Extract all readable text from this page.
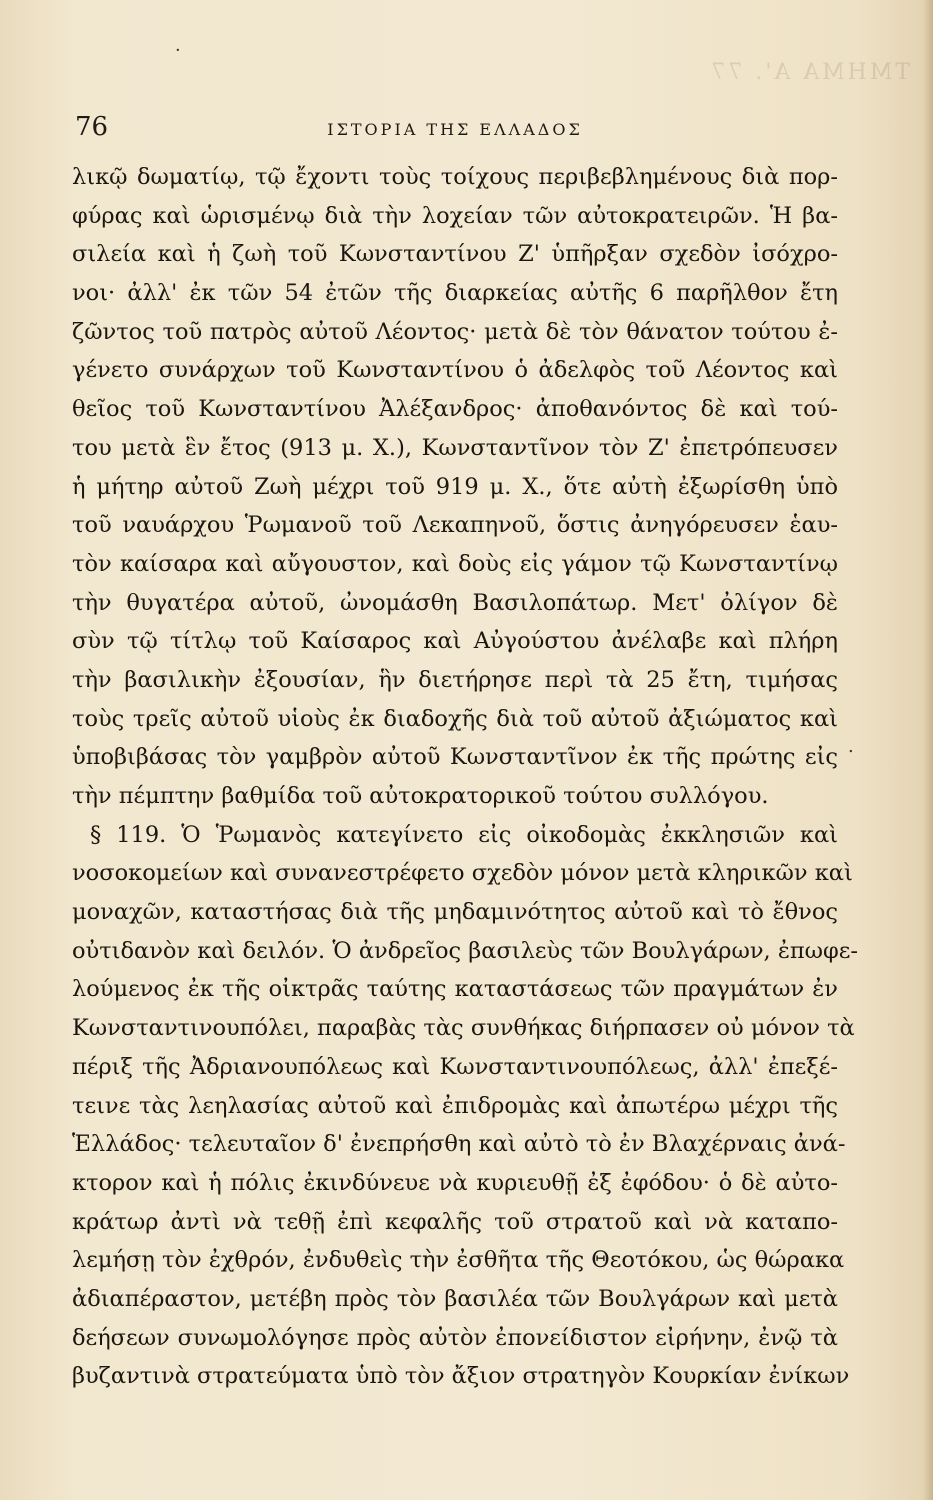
ΤΜΗΜΑ Α'. 77
76	ΙΣΤΟΡΙΑ ΤΗΣ ΕΛΛΑΔΟΣ
λικῷ δωματίῳ, τῷ ἔχοντι τοὺς τοίχους περιβεβλημένους διὰ πορ-
φύρας καὶ ὡρισμένῳ διὰ τὴν λοχείαν τῶν αὐτοκρατειρῶν. Ἡ βα-
σιλεία καὶ ἡ ζωὴ τοῦ Κωνσταντίνου Ζ' ὑπῆρξαν σχεδὸν ἰσόχρο-
νοι· ἀλλ' ἐκ τῶν 54 ἐτῶν τῆς διαρκείας αὐτῆς 6 παρῆλθον ἔτη
ζῶντος τοῦ πατρὸς αὐτοῦ Λέοντος· μετὰ δὲ τὸν θάνατον τούτου ἐ-
γένετο συνάρχων τοῦ Κωνσταντίνου ὁ ἀδελφὸς τοῦ Λέοντος καὶ
θεῖος τοῦ Κωνσταντίνου Ἀλέξανδρος· ἀποθανόντος δὲ καὶ τού-
του μετὰ ἓν ἔτος (913 μ. Χ.), Κωνσταντῖνον τὸν Ζ' ἐπετρόπευσεν
ἡ μήτηρ αὐτοῦ Ζωὴ μέχρι τοῦ 919 μ. Χ., ὅτε αὐτὴ ἐξωρίσθη ὑπὸ
τοῦ ναυάρχου Ῥωμανοῦ τοῦ Λεκαπηνοῦ, ὅστις ἀνηγόρευσεν ἑαυ-
τὸν καίσαρα καὶ αὔγουστον, καὶ δοὺς εἰς γάμον τῷ Κωνσταντίνῳ
τὴν θυγατέρα αὐτοῦ, ὠνομάσθη Βασιλοπάτωρ. Μετ' ὀλίγον δὲ
σὺν τῷ τίτλῳ τοῦ Καίσαρος καὶ Αὐγούστου ἀνέλαβε καὶ πλήρη
τὴν βασιλικὴν ἐξουσίαν, ἣν διετήρησε περὶ τὰ 25 ἔτη, τιμήσας
τοὺς τρεῖς αὐτοῦ υἱοὺς ἐκ διαδοχῆς διὰ τοῦ αὐτοῦ ἀξιώματος καὶ
ὑποβιβάσας τὸν γαμβρὸν αὐτοῦ Κωνσταντῖνον ἐκ τῆς πρώτης εἰς
τὴν πέμπτην βαθμίδα τοῦ αὐτοκρατορικοῦ τούτου συλλόγου.
§ 119. Ὁ Ῥωμανὸς κατεγίνετο εἰς οἰκοδομὰς ἐκκλησιῶν καὶ
νοσοκομείων καὶ συνανεστρέφετο σχεδὸν μόνον μετὰ κληρικῶν καὶ
μοναχῶν, καταστήσας διὰ τῆς μηδαμινότητος αὐτοῦ καὶ τὸ ἔθνος
οὐτιδανὸν καὶ δειλόν. Ὁ ἀνδρεῖος βασιλεὺς τῶν Βουλγάρων, ἐπωφε-
λούμενος ἐκ τῆς οἰκτρᾶς ταύτης καταστάσεως τῶν πραγμάτων ἐν
Κωνσταντινουπόλει, παραβὰς τὰς συνθήκας διήρπασεν οὐ μόνον τὰ
πέριξ τῆς Ἀδριανουπόλεως καὶ Κωνσταντινουπόλεως, ἀλλ' ἐπεξέ-
τεινε τὰς λεηλασίας αὐτοῦ καὶ ἐπιδρομὰς καὶ ἀπωτέρω μέχρι τῆς
Ἑλλάδος· τελευταῖον δ' ἐνεπρήσθη καὶ αὐτὸ τὸ ἐν Βλαχέρναις ἀνά-
κτορον καὶ ἡ πόλις ἐκινδύνευε νὰ κυριευθῇ ἐξ ἐφόδου· ὁ δὲ αὐτο-
κράτωρ ἀντὶ νὰ τεθῇ ἐπὶ κεφαλῆς τοῦ στρατοῦ καὶ νὰ καταπο-
λεμήσῃ τὸν ἐχθρόν, ἐνδυθεὶς τὴν ἐσθῆτα τῆς Θεοτόκου, ὡς θώρακα
ἀδιαπέραστον, μετέβη πρὸς τὸν βασιλέα τῶν Βουλγάρων καὶ μετὰ
δεήσεων συνωμολόγησε πρὸς αὐτὸν ἐπονείδιστον εἰρήνην, ἐνῷ τὰ
βυζαντινὰ στρατεύματα ὑπὸ τὸν ἄξιον στρατηγὸν Κουρκίαν ἐνίκων
·
.
